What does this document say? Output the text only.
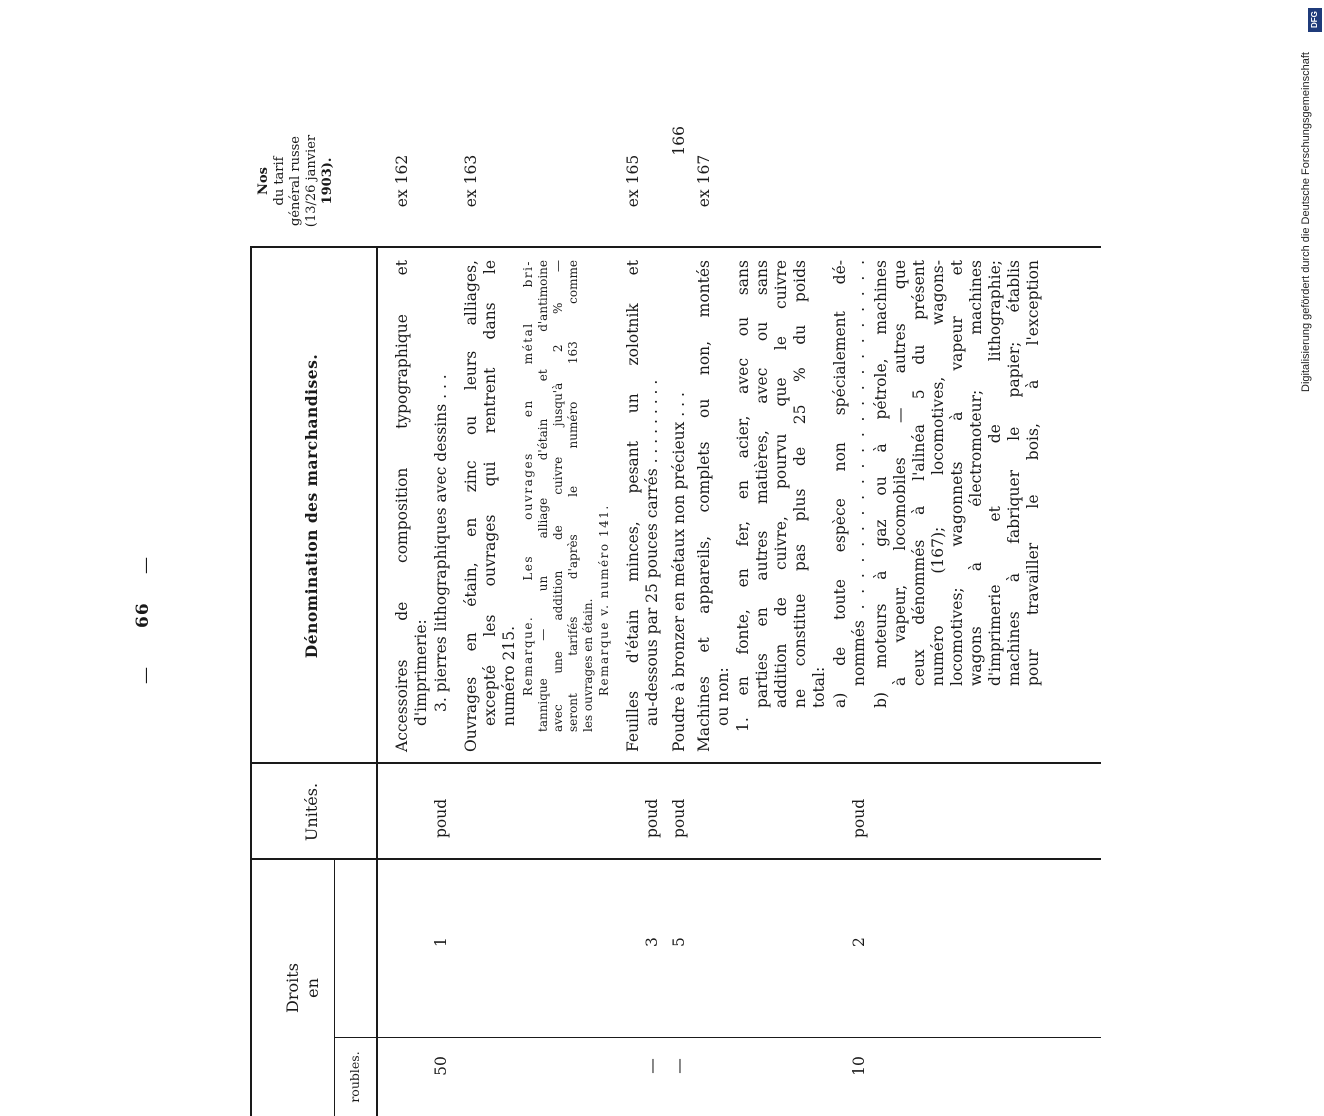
—
66
—
Nos du tarif général russe (13/26 janvier 1903).
Dénomination des marchandises.
Unités.
Droits en
roubles.
ex 162
Accessoires de composition typographique et d'imprimerie: 3. pierres lithographiques avec dessins . . .
poud
1
50
ex 163
Ouvrages en étain, en zinc ou leurs alliages, excepté les ouvrages qui rentrent dans le numéro 215. Remarque. Les ouvrages en métal bri- tannique — un alliage d'étain et d'antimoine avec une addition de cuivre jusqu'à 2 % — seront tarifés d'après le numéro 163 comme les ouvrages en étain. Remarque v. numéro 141.
ex 165
Feuilles d'étain minces, pesant un zolotnik et au-dessous par 25 pouces carrés . . . . . . . . .
poud
3
—
166
Poudre à bronzer en métaux non précieux . . .
poud
5
—
ex 167
Machines et appareils, complets ou non, montés ou non: 1. en fonte, en fer, en acier, avec ou sans parties en autres matières, avec ou sans addition de cuivre, pourvu que le cuivre ne constitue pas plus de 25 % du poids total: a) de toute espèce non spécialement dé- nommés . . . . . . . . . . . . . . . . . . . . . . .
poud
2
10
b) moteurs à gaz ou à pétrole, machines à vapeur, locomobiles — autres que ceux dénommés à l'alinéa 5 du présent numéro (167); locomotives, wagons- locomotives; wagonnets à vapeur et wagons à électromoteur; machines d'imprimerie et de lithographie; machines à fabriquer le papier; établis pour travailler le bois, à l'exception
DFG
Digitalisierung gefördert durch die Deutsche Forschungsgemeinschaft
